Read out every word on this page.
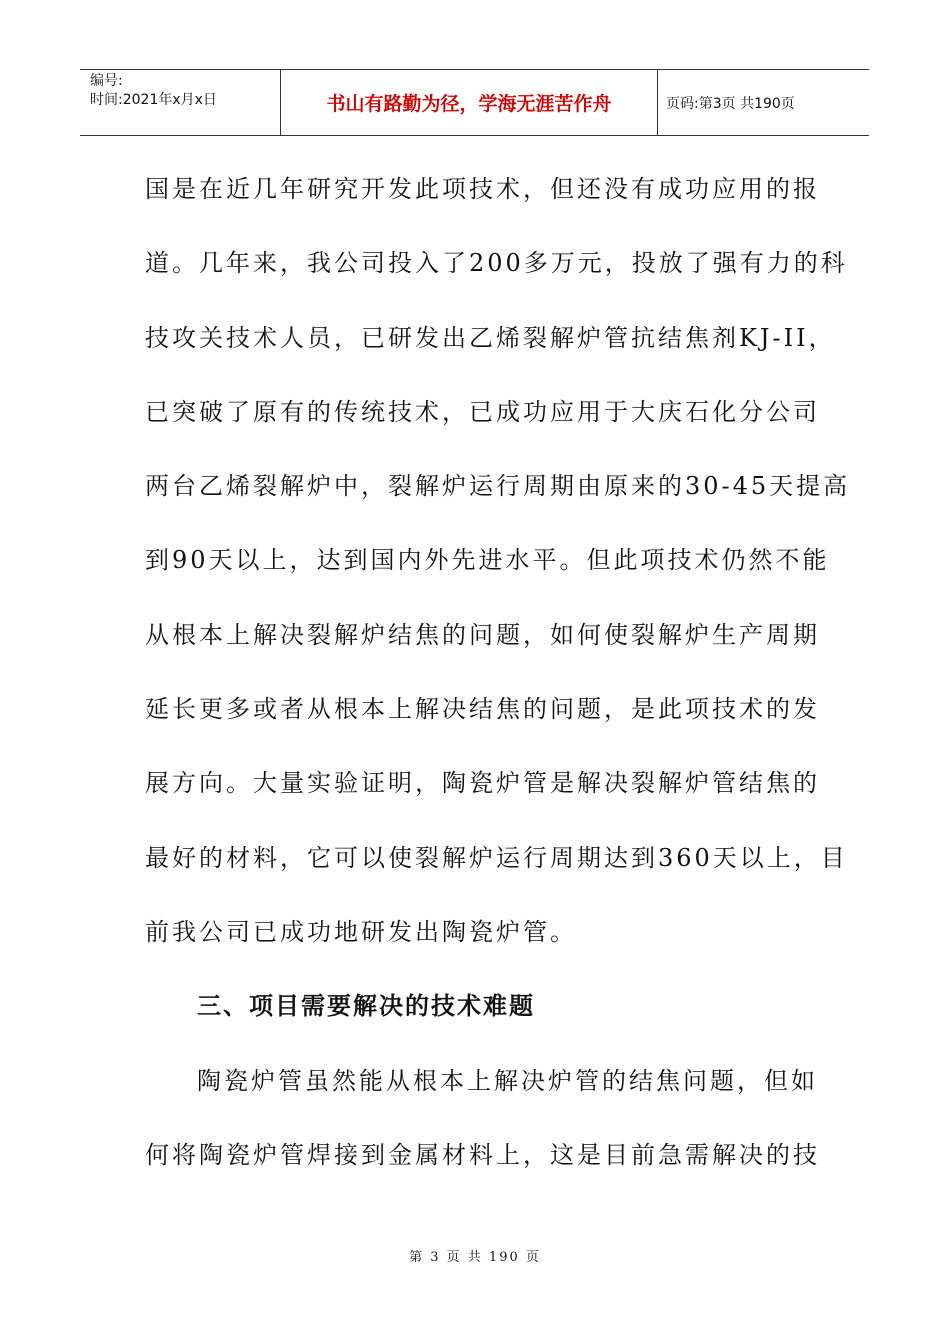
编号:
时间:2021年x月x日	书山有路勤为径，学海无涯苦作舟	页码:第3页 共190页
国是在近几年研究开发此项技术，但还没有成功应用的报
道。几年来，我公司投入了200多万元，投放了强有力的科
技攻关技术人员，已研发出乙烯裂解炉管抗结焦剂KJ-II，
已突破了原有的传统技术，已成功应用于大庆石化分公司
两台乙烯裂解炉中，裂解炉运行周期由原来的30-45天提高
到90天以上，达到国内外先进水平。但此项技术仍然不能
从根本上解决裂解炉结焦的问题，如何使裂解炉生产周期
延长更多或者从根本上解决结焦的问题，是此项技术的发
展方向。大量实验证明，陶瓷炉管是解决裂解炉管结焦的
最好的材料，它可以使裂解炉运行周期达到360天以上，目
前我公司已成功地研发出陶瓷炉管。
三、项目需要解决的技术难题
陶瓷炉管虽然能从根本上解决炉管的结焦问题，但如
何将陶瓷炉管焊接到金属材料上，这是目前急需解决的技
第 3 页 共 190 页
